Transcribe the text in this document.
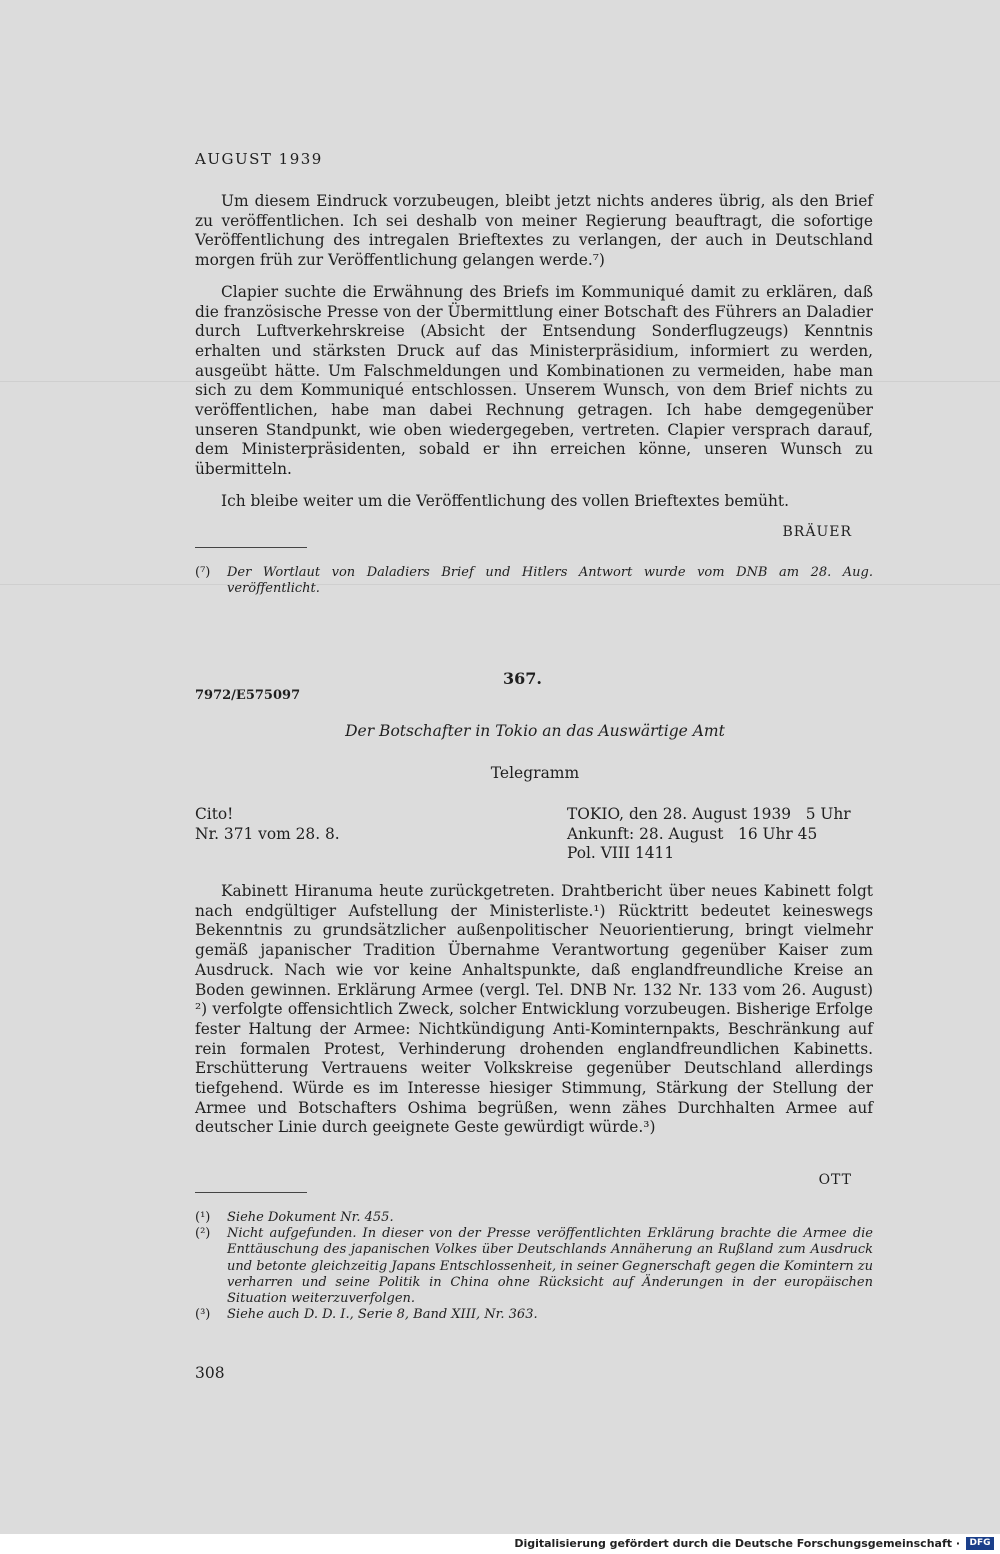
AUGUST 1939

Um diesem Eindruck vorzubeugen, bleibt jetzt nichts anderes übrig, als den Brief zu veröffentlichen. Ich sei deshalb von meiner Regierung beauftragt, die sofortige Veröffentlichung des intregalen Brieftextes zu verlangen, der auch in Deutschland morgen früh zur Veröffentlichung gelangen werde.⁷)

Clapier suchte die Erwähnung des Briefs im Kommuniqué damit zu erklären, daß die französische Presse von der Übermittlung einer Botschaft des Führers an Daladier durch Luftverkehrskreise (Absicht der Entsendung Sonderflugzeugs) Kenntnis erhalten und stärksten Druck auf das Ministerpräsidium, informiert zu werden, ausgeübt hätte. Um Falschmeldungen und Kombinationen zu vermeiden, habe man sich zu dem Kommuniqué entschlossen. Unserem Wunsch, von dem Brief nichts zu veröffentlichen, habe man dabei Rechnung getragen. Ich habe demgegenüber unseren Standpunkt, wie oben wiedergegeben, vertreten. Clapier versprach darauf, dem Ministerpräsidenten, sobald er ihn erreichen könne, unseren Wunsch zu übermitteln.

Ich bleibe weiter um die Veröffentlichung des vollen Brieftextes bemüht.

BRÄUER
(⁷)	Der Wortlaut von Daladiers Brief und Hitlers Antwort wurde vom DNB am 28. Aug. veröffentlicht.
367.
7972/E575097
Der Botschafter in Tokio an das Auswärtige Amt
Telegramm
Cito!
Nr. 371 vom 28. 8.
TOKIO, den 28. August 1939   5 Uhr
Ankunft: 28. August   16 Uhr 45
Pol. VIII 1411

Kabinett Hiranuma heute zurückgetreten. Drahtbericht über neues Kabinett folgt nach endgültiger Aufstellung der Ministerliste.¹) Rücktritt bedeutet keineswegs Bekenntnis zu grundsätzlicher außenpolitischer Neuorientierung, bringt vielmehr gemäß japanischer Tradition Übernahme Verantwortung gegenüber Kaiser zum Ausdruck. Nach wie vor keine Anhaltspunkte, daß englandfreundliche Kreise an Boden gewinnen. Erklärung Armee (vergl. Tel. DNB Nr. 132 Nr. 133 vom 26. August) ²) verfolgte offensichtlich Zweck, solcher Entwicklung vorzubeugen. Bisherige Erfolge fester Haltung der Armee: Nichtkündigung Anti-Kominternpakts, Beschränkung auf rein formalen Protest, Verhinderung drohenden englandfreundlichen Kabinetts. Erschütterung Vertrauens weiter Volkskreise gegenüber Deutschland allerdings tiefgehend. Würde es im Interesse hiesiger Stimmung, Stärkung der Stellung der Armee und Botschafters Oshima begrüßen, wenn zähes Durchhalten Armee auf deutscher Linie durch geeignete Geste gewürdigt würde.³)

OTT
(¹)	Siehe Dokument Nr. 455.
(²)	Nicht aufgefunden. In dieser von der Presse veröffentlichten Erklärung brachte die Armee die Enttäuschung des japanischen Volkes über Deutschlands Annäherung an Rußland zum Ausdruck und betonte gleichzeitig Japans Entschlossenheit, in seiner Gegnerschaft gegen die Komintern zu verharren und seine Politik in China ohne Rücksicht auf Änderungen in der europäischen Situation weiterzuverfolgen.
(³)	Siehe auch D. D. I., Serie 8, Band XIII, Nr. 363.
308
Digitalisierung gefördert durch die Deutsche Forschungsgemeinschaft ·	DFG
